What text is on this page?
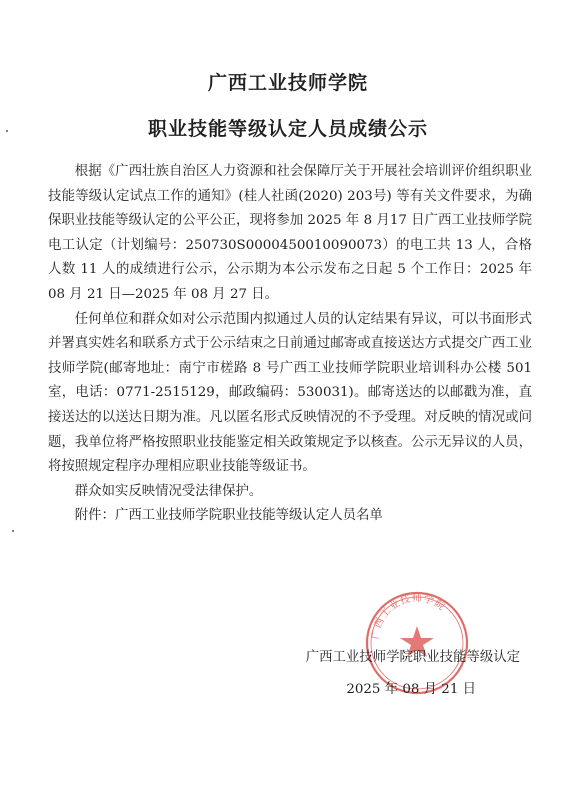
广西工业技师学院
职业技能等级认定人员成绩公示

根据《广西壮族自治区人力资源和社会保障厅关于开展社会培训评价组织职业技能等级认定试点工作的通知》(桂人社函(2020) 203号) 等有关文件要求，为确保职业技能等级认定的公平公正，现将参加 2025 年 8 月17 日广西工业技师学院电工认定（计划编号：250730S0000450010090073）的电工共 13 人，合格人数 11 人的成绩进行公示，公示期为本公示发布之日起 5 个工作日：2025 年 08 月 21 日—2025 年 08 月 27 日。

任何单位和群众如对公示范围内拟通过人员的认定结果有异议，可以书面形式并署真实姓名和联系方式于公示结束之日前通过邮寄或直接送达方式提交广西工业技师学院(邮寄地址：南宁市槎路 8 号广西工业技师学院职业培训科办公楼 501 室，电话：0771-2515129，邮政编码：530031)。邮寄送达的以邮戳为准，直接送达的以送达日期为准。凡以匿名形式反映情况的不予受理。对反映的情况或问题，我单位将严格按照职业技能鉴定相关政策规定予以核查。公示无异议的人员，将按照规定程序办理相应职业技能等级证书。

群众如实反映情况受法律保护。

附件：广西工业技师学院职业技能等级认定人员名单

广西工业技师学院
广西工业技师学院职业技能等级认定
2025 年 08 月 21 日
